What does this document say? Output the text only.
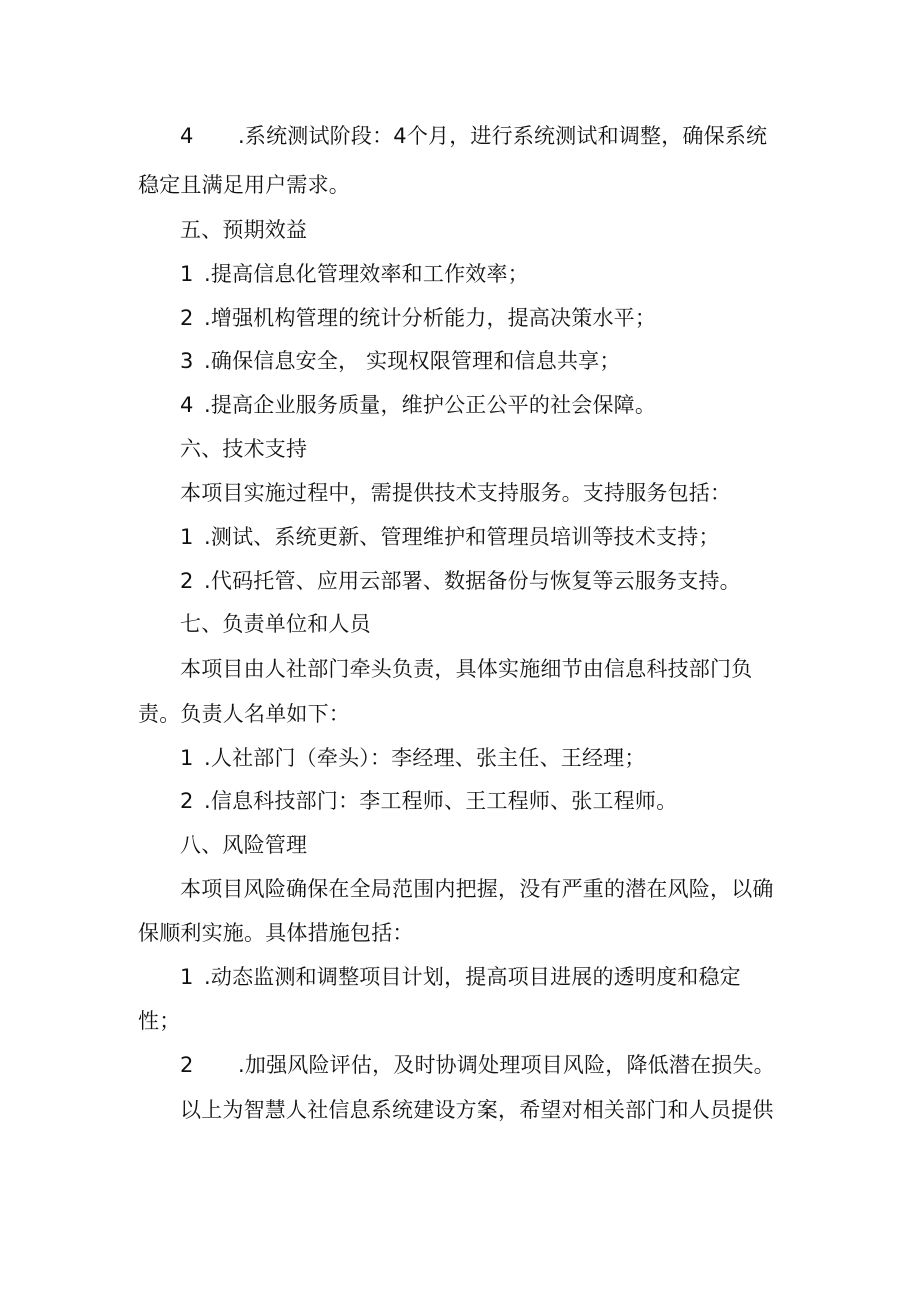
4 .系统测试阶段：4个月，进行系统测试和调整，确保系统
稳定且满足用户需求。
五、预期效益
1 .提高信息化管理效率和工作效率；
2 .增强机构管理的统计分析能力，提高决策水平；
3 .确保信息安全， 实现权限管理和信息共享；
4 .提高企业服务质量，维护公正公平的社会保障。
六、技术支持
本项目实施过程中，需提供技术支持服务。支持服务包括：
1 .测试、系统更新、管理维护和管理员培训等技术支持；
2 .代码托管、应用云部署、数据备份与恢复等云服务支持。
七、负责单位和人员
本项目由人社部门牵头负责，具体实施细节由信息科技部门负
责。负责人名单如下：
1 .人社部门（牵头）：李经理、张主任、王经理；
2 .信息科技部门：李工程师、王工程师、张工程师。
八、风险管理
本项目风险确保在全局范围内把握，没有严重的潜在风险，以确
保顺利实施。具体措施包括：
1 .动态监测和调整项目计划，提高项目进展的透明度和稳定
性；
2 .加强风险评估，及时协调处理项目风险，降低潜在损失。
以上为智慧人社信息系统建设方案，希望对相关部门和人员提供
